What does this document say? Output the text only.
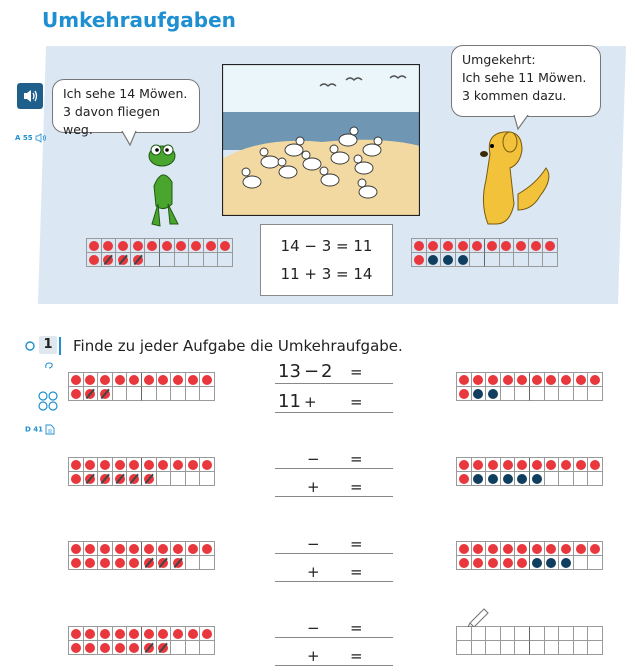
Umkehraufgaben
A 55
Ich sehe 14 Möwen.
3 davon fliegen weg.
Umgekehrt:
Ich sehe 11 Möwen.
3 kommen dazu.
14 − 3 = 11
11 + 3 = 14
1 Finde zu jeder Aufgabe die Umkehraufgabe.
D 41
13 − 2 =
11 + =
− =
+ =
− =
+ =
− =
+ =
